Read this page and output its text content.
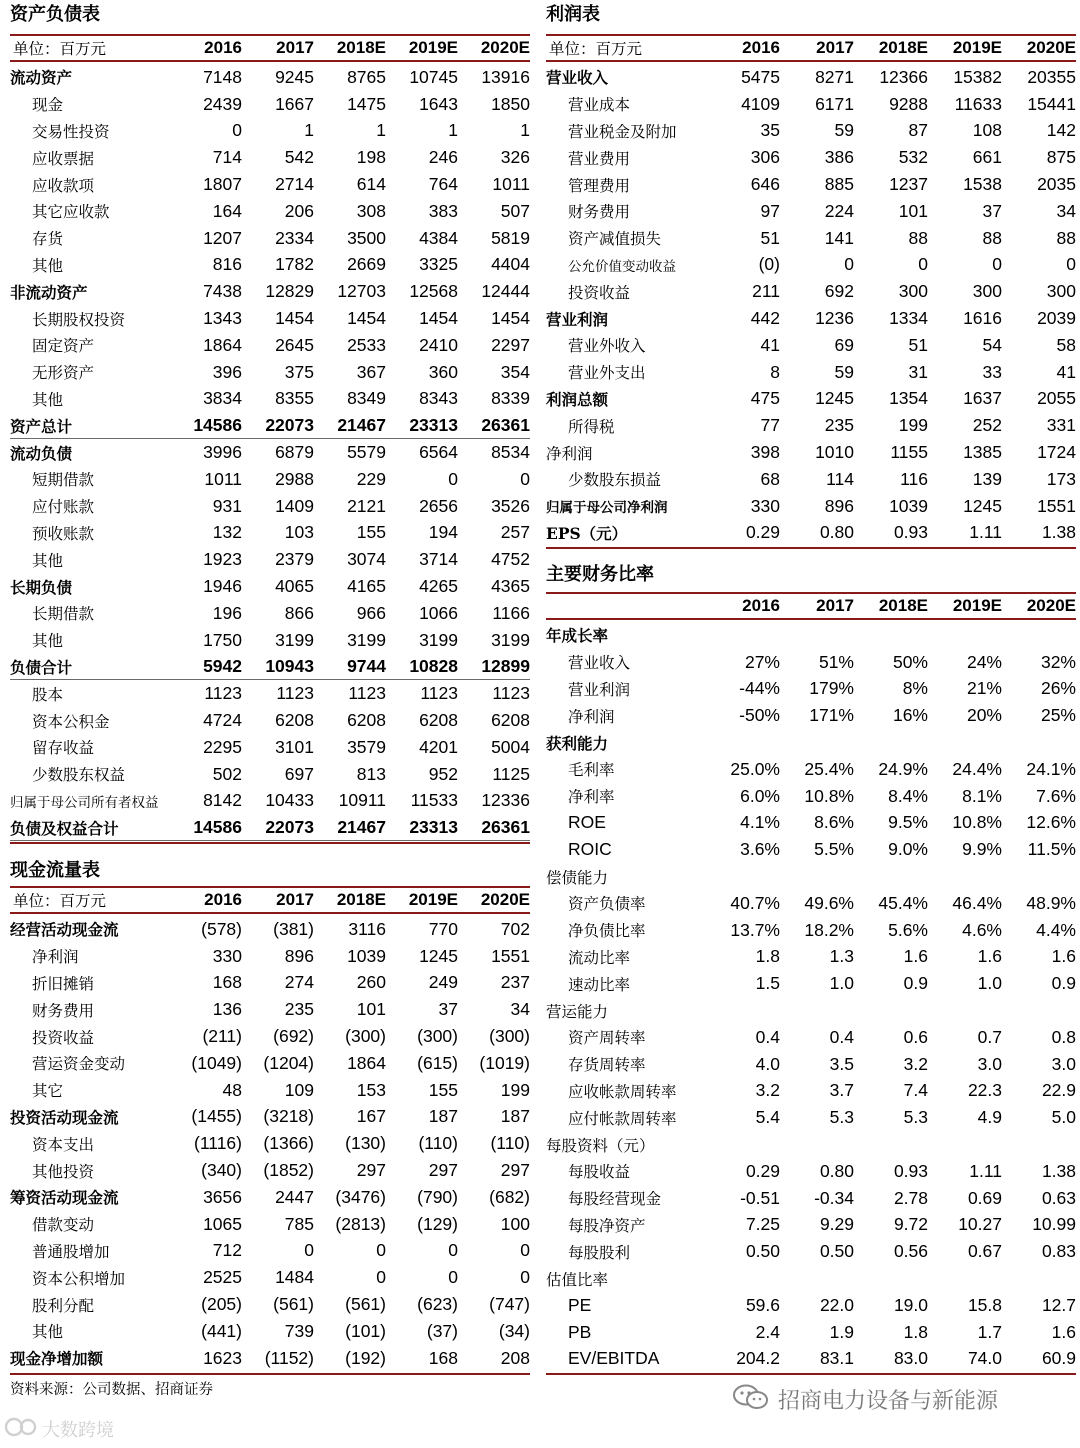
资产负债表
单位：百万元	2016	2017	2018E	2019E	2020E
流动资产	7148	9245	8765	10745	13916
现金	2439	1667	1475	1643	1850
交易性投资	0	1	1	1	1
应收票据	714	542	198	246	326
应收款项	1807	2714	614	764	1011
其它应收款	164	206	308	383	507
存货	1207	2334	3500	4384	5819
其他	816	1782	2669	3325	4404
非流动资产	7438	12829	12703	12568	12444
长期股权投资	1343	1454	1454	1454	1454
固定资产	1864	2645	2533	2410	2297
无形资产	396	375	367	360	354
其他	3834	8355	8349	8343	8339
资产总计	14586	22073	21467	23313	26361
流动负债	3996	6879	5579	6564	8534
短期借款	1011	2988	229	0	0
应付账款	931	1409	2121	2656	3526
预收账款	132	103	155	194	257
其他	1923	2379	3074	3714	4752
长期负债	1946	4065	4165	4265	4365
长期借款	196	866	966	1066	1166
其他	1750	3199	3199	3199	3199
负债合计	5942	10943	9744	10828	12899
股本	1123	1123	1123	1123	1123
资本公积金	4724	6208	6208	6208	6208
留存收益	2295	3101	3579	4201	5004
少数股东权益	502	697	813	952	1125
归属于母公司所有者权益	8142	10433	10911	11533	12336
负债及权益合计	14586	22073	21467	23313	26361
利润表
单位：百万元	2016	2017	2018E	2019E	2020E
营业收入	5475	8271	12366	15382	20355
营业成本	4109	6171	9288	11633	15441
营业税金及附加	35	59	87	108	142
营业费用	306	386	532	661	875
管理费用	646	885	1237	1538	2035
财务费用	97	224	101	37	34
资产减值损失	51	141	88	88	88
公允价值变动收益	(0)	0	0	0	0
投资收益	211	692	300	300	300
营业利润	442	1236	1334	1616	2039
营业外收入	41	69	51	54	58
营业外支出	8	59	31	33	41
利润总额	475	1245	1354	1637	2055
所得税	77	235	199	252	331
净利润	398	1010	1155	1385	1724
少数股东损益	68	114	116	139	173
归属于母公司净利润	330	896	1039	1245	1551
EPS（元）	0.29	0.80	0.93	1.11	1.38
现金流量表
单位：百万元	2016	2017	2018E	2019E	2020E
经营活动现金流	(578)	(381)	3116	770	702
净利润	330	896	1039	1245	1551
折旧摊销	168	274	260	249	237
财务费用	136	235	101	37	34
投资收益	(211)	(692)	(300)	(300)	(300)
营运资金变动	(1049)	(1204)	1864	(615)	(1019)
其它	48	109	153	155	199
投资活动现金流	(1455)	(3218)	167	187	187
资本支出	(1116)	(1366)	(130)	(110)	(110)
其他投资	(340)	(1852)	297	297	297
筹资活动现金流	3656	2447	(3476)	(790)	(682)
借款变动	1065	785	(2813)	(129)	100
普通股增加	712	0	0	0	0
资本公积增加	2525	1484	0	0	0
股利分配	(205)	(561)	(561)	(623)	(747)
其他	(441)	739	(101)	(37)	(34)
现金净增加额	1623	(1152)	(192)	168	208
主要财务比率
2016	2017	2018E	2019E	2020E
年成长率
营业收入	27%	51%	50%	24%	32%
营业利润	-44%	179%	8%	21%	26%
净利润	-50%	171%	16%	20%	25%
获利能力
毛利率	25.0%	25.4%	24.9%	24.4%	24.1%
净利率	6.0%	10.8%	8.4%	8.1%	7.6%
ROE	4.1%	8.6%	9.5%	10.8%	12.6%
ROIC	3.6%	5.5%	9.0%	9.9%	11.5%
偿债能力
资产负债率	40.7%	49.6%	45.4%	46.4%	48.9%
净负债比率	13.7%	18.2%	5.6%	4.6%	4.4%
流动比率	1.8	1.3	1.6	1.6	1.6
速动比率	1.5	1.0	0.9	1.0	0.9
营运能力
资产周转率	0.4	0.4	0.6	0.7	0.8
存货周转率	4.0	3.5	3.2	3.0	3.0
应收帐款周转率	3.2	3.7	7.4	22.3	22.9
应付帐款周转率	5.4	5.3	5.3	4.9	5.0
每股资料（元）
每股收益	0.29	0.80	0.93	1.11	1.38
每股经营现金	-0.51	-0.34	2.78	0.69	0.63
每股净资产	7.25	9.29	9.72	10.27	10.99
每股股利	0.50	0.50	0.56	0.67	0.83
估值比率
PE	59.6	22.0	19.0	15.8	12.7
PB	2.4	1.9	1.8	1.7	1.6
EV/EBITDA	204.2	83.1	83.0	74.0	60.9
资料来源：公司数据、招商证券	招商电力设备与新能源
大数跨境
